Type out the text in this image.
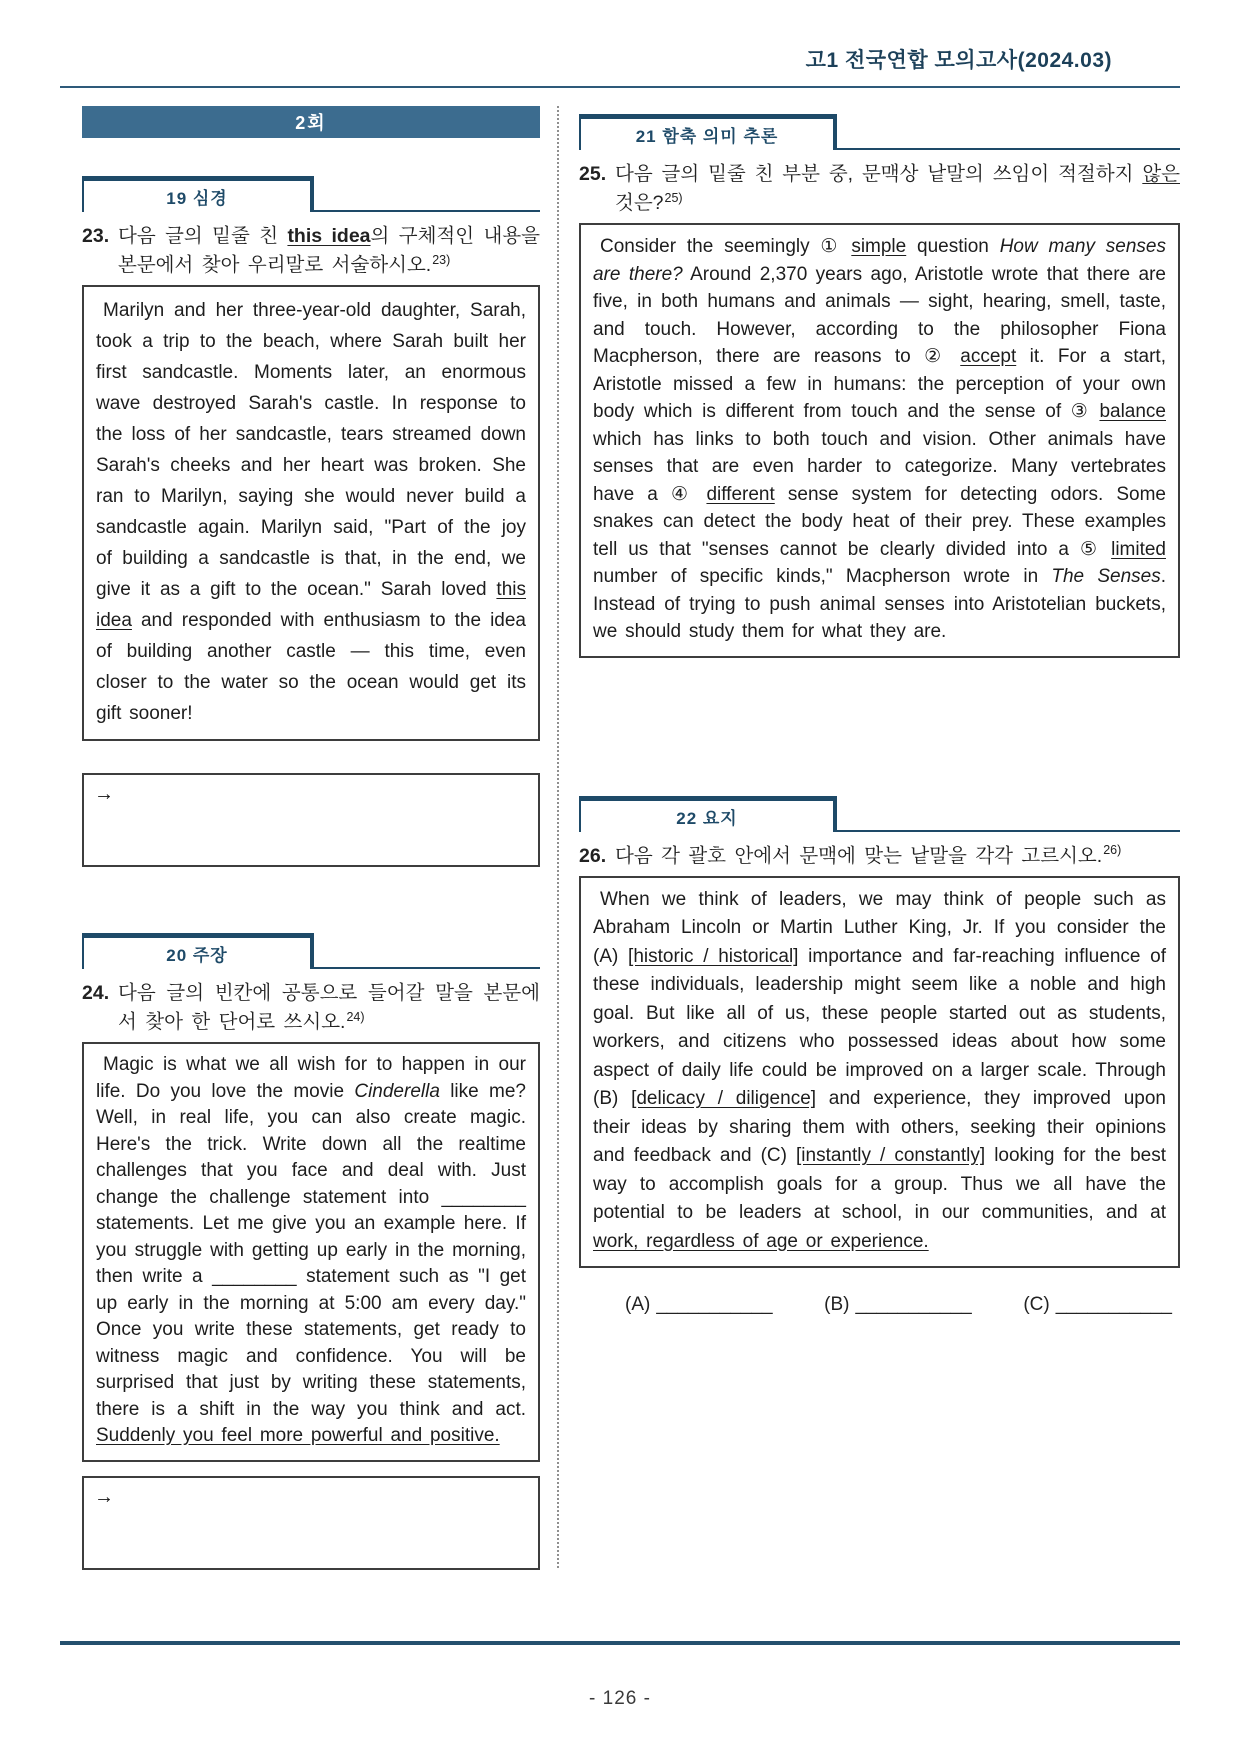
고1 전국연합 모의고사(2024.03)
2회
19 심경
23. 다음 글의 밑줄 친 this idea의 구체적인 내용을 본문에서 찾아 우리말로 서술하시오.$^{23)}$

Marilyn and her three-year-old daughter, Sarah, took a trip to the beach, where Sarah built her first sandcastle. Moments later, an enormous wave destroyed Sarah's castle. In response to the loss of her sandcastle, tears streamed down Sarah's cheeks and her heart was broken. She ran to Marilyn, saying she would never build a sandcastle again. Marilyn said, "Part of the joy of building a sandcastle is that, in the end, we give it as a gift to the ocean." Sarah loved this idea and responded with enthusiasm to the idea of building another castle — this time, even closer to the water so the ocean would get its gift sooner!

→
20 주장
24. 다음 글의 빈칸에 공통으로 들어갈 말을 본문에서 찾아 한 단어로 쓰시오.$^{24)}$

Magic is what we all wish for to happen in our life. Do you love the movie Cinderella like me? Well, in real life, you can also create magic. Here's the trick. Write down all the realtime challenges that you face and deal with. Just change the challenge statement into ________ statements. Let me give you an example here. If you struggle with getting up early in the morning, then write a ________ statement such as "I get up early in the morning at 5:00 am every day." Once you write these statements, get ready to witness magic and confidence. You will be surprised that just by writing these statements, there is a shift in the way you think and act. Suddenly you feel more powerful and positive.

→
21 함축 의미 추론
25. 다음 글의 밑줄 친 부분 중, 문맥상 낱말의 쓰임이 적절하지 않은 것은?$^{25)}$

Consider the seemingly ① simple question How many senses are there? Around 2,370 years ago, Aristotle wrote that there are five, in both humans and animals — sight, hearing, smell, taste, and touch. However, according to the philosopher Fiona Macpherson, there are reasons to ② accept it. For a start, Aristotle missed a few in humans: the perception of your own body which is different from touch and the sense of ③ balance which has links to both touch and vision. Other animals have senses that are even harder to categorize. Many vertebrates have a ④ different sense system for detecting odors. Some snakes can detect the body heat of their prey. These examples tell us that "senses cannot be clearly divided into a ⑤ limited number of specific kinds," Macpherson wrote in The Senses. Instead of trying to push animal senses into Aristotelian buckets, we should study them for what they are.

22 요지
26. 다음 각 괄호 안에서 문맥에 맞는 낱말을 각각 고르시오.$^{26)}$

When we think of leaders, we may think of people such as Abraham Lincoln or Martin Luther King, Jr. If you consider the (A) [historic / historical] importance and far-reaching influence of these individuals, leadership might seem like a noble and high goal. But like all of us, these people started out as students, workers, and citizens who possessed ideas about how some aspect of daily life could be improved on a larger scale. Through (B) [delicacy / diligence] and experience, they improved upon their ideas by sharing them with others, seeking their opinions and feedback and (C) [instantly / constantly] looking for the best way to accomplish goals for a group. Thus we all have the potential to be leaders at school, in our communities, and at work, regardless of age or experience.

(A) ___________	(B) ___________	(C) ___________
- 126 -
